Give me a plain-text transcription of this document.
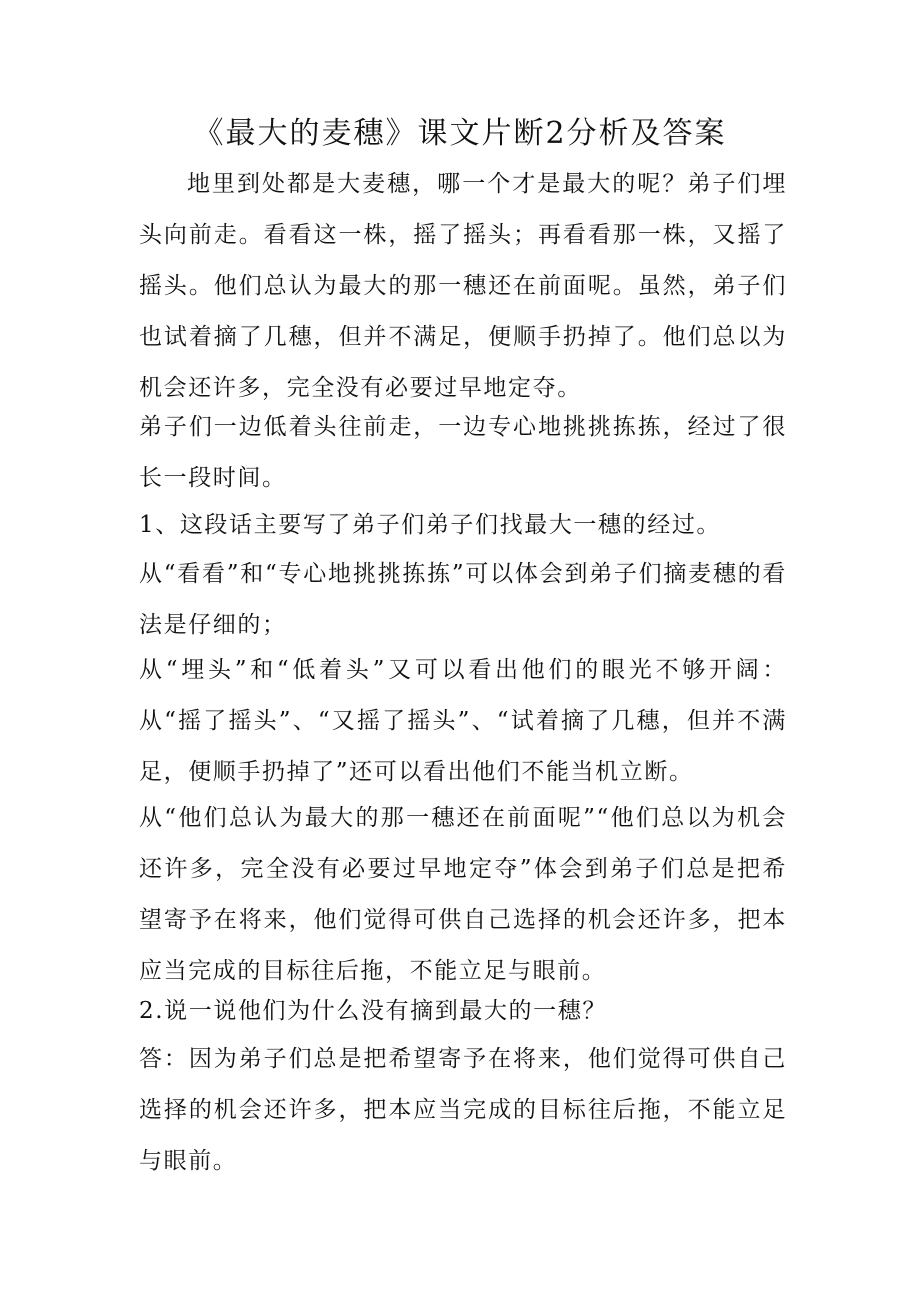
《最大的麦穗》课文片断2分析及答案

地里到处都是大麦穗，哪一个才是最大的呢？弟子们埋头向前走。看看这一株，摇了摇头；再看看那一株，又摇了摇头。他们总认为最大的那一穗还在前面呢。虽然，弟子们也试着摘了几穗，但并不满足，便顺手扔掉了。他们总以为机会还许多，完全没有必要过早地定夺。

弟子们一边低着头往前走，一边专心地挑挑拣拣，经过了很长一段时间。

1、这段话主要写了弟子们弟子们找最大一穗的经过。

从“看看”和“专心地挑挑拣拣”可以体会到弟子们摘麦穗的看法是仔细的；

从“埋头”和“低着头”又可以看出他们的眼光不够开阔：从“摇了摇头”、“又摇了摇头”、“试着摘了几穗，但并不满足，便顺手扔掉了”还可以看出他们不能当机立断。

从“他们总认为最大的那一穗还在前面呢”“他们总以为机会还许多，完全没有必要过早地定夺”体会到弟子们总是把希望寄予在将来，他们觉得可供自己选择的机会还许多，把本应当完成的目标往后拖，不能立足与眼前。

2.说一说他们为什么没有摘到最大的一穗？

答：因为弟子们总是把希望寄予在将来，他们觉得可供自己选择的机会还许多，把本应当完成的目标往后拖，不能立足与眼前。
